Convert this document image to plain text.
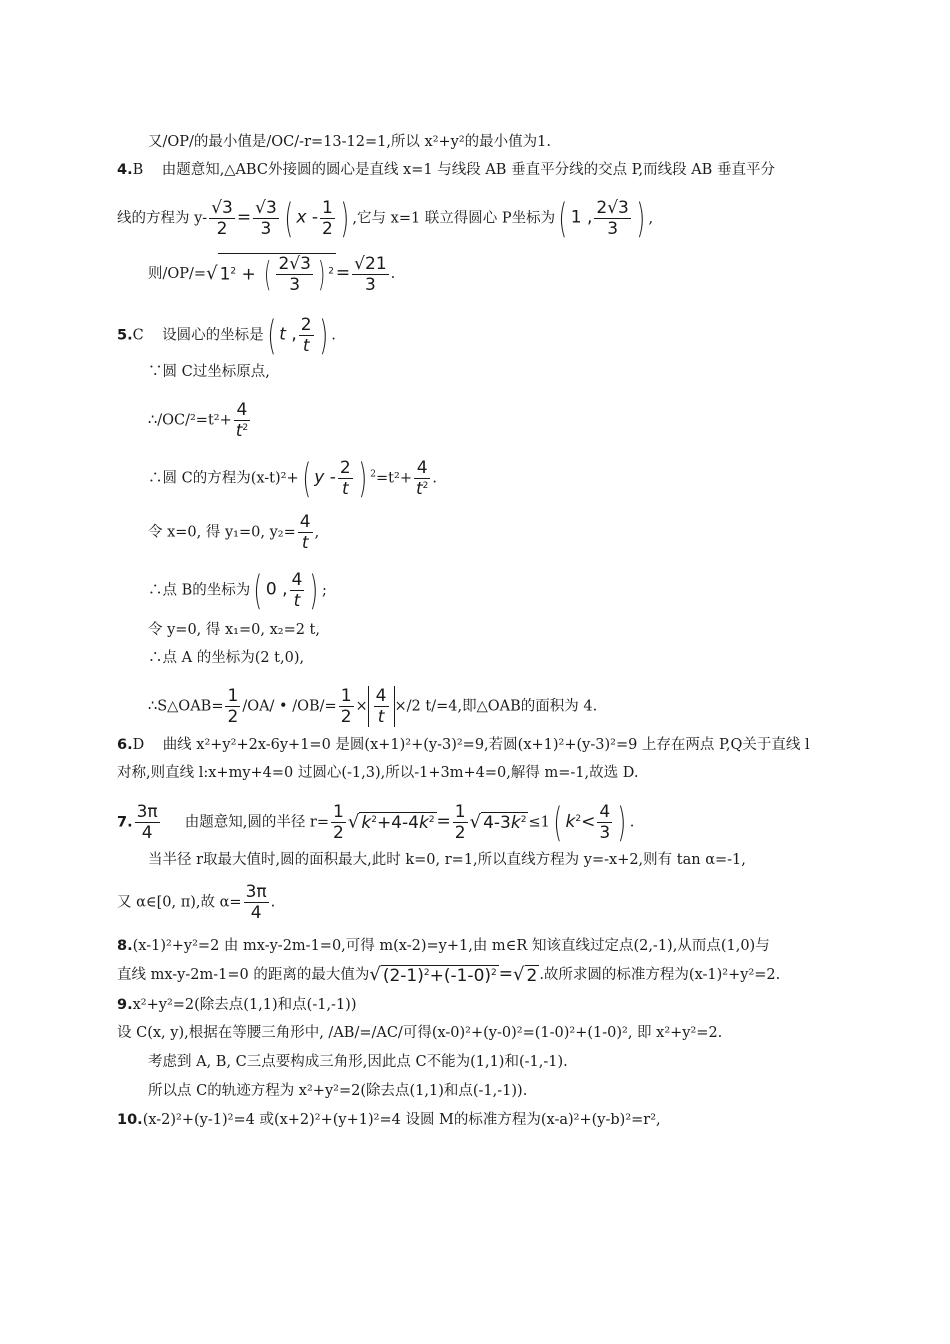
又/OP/的最小值是/OC/-r=13-12=1,所以 x²+y²的最小值为1.
4.B 由题意知,△ABC外接圆的圆心是直线 x=1 与线段 AB 垂直平分线的交点 P,而线段 AB 垂直平分
线的方程为 $y- \frac{√3}{2} = \frac{√3}{3}$ ( x - $\frac{1}{2}$ ) ,它与 x=1 联立得圆心 P坐标为( 1 , $\frac{2√3}{3}$ ) ,
则/OP/=√ $1^2$ + ( $\frac{2√3}{3}$ ) $^2 = \frac{√21}{3}$ .
5.C 设圆心的坐标是( t , $\frac{2}{t}$ ) .
∵圆 C过坐标原点,
∴/OC/²=t²+ $\frac{4}{t^2}$
∴圆 C的方程为(x-t)²+( y - $\frac{2}{t}$ ) $^2=t^2+ \frac{4}{t^2}$ .
令 x=0, 得 y₁=0, $y_2= \frac{4}{t}$ ,
∴点 B的坐标为( 0 , $\frac{4}{t}$ ) ;
令 y=0, 得 x₁=0, x₂=2 t,
∴点 A 的坐标为(2 t,0),
∴S△OAB= $\frac{1}{2} /OA/$ • $/OB/= \frac{1}{2} \times \frac{4}{t} \times/2$ t/=4,即△OAB的面积为 4.
6.D 曲线 x²+y²+2x-6y+1=0 是圆(x+1)²+(y-3)²=9,若圆(x+1)²+(y-3)²=9 上存在两点 P,Q关于直线 l
对称,则直线 l:x+my+4=0 过圆心(-1,3),所以-1+3m+4=0,解得 m=-1,故选 D.
7. $\frac{3\pi}{4}$ 由题意知,圆的半径 $r= \frac{1}{2}$ √ $k^2+4-4k^2 = \frac{1}{2}$ √ $4-3k^2 \le 1$( $k^2< \frac{4}{3}$ ) .
当半径 r取最大值时,圆的面积最大,此时 k=0, r=1,所以直线方程为 y=-x+2,则有 tan α=-1,
又 α∈[0, π),故 $\alpha= \frac{3\pi}{4}$ .
8.(x-1)²+y²=2 由 mx-y-2m-1=0,可得 m(x-2)=y+1,由 m∈R 知该直线过定点(2,-1),从而点(1,0)与
直线 mx-y-2m-1=0 的距离的最大值为√ $(2-1)^2+(-1-0)^2$ =√ 2 .故所求圆的标准方程为(x-1)²+y²=2.
9.x²+y²=2(除去点(1,1)和点(-1,-1))
设 C(x, y),根据在等腰三角形中, /AB/=/AC/可得(x-0)²+(y-0)²=(1-0)²+(1-0)², 即 x²+y²=2.
考虑到 A, B, C三点要构成三角形,因此点 C不能为(1,1)和(-1,-1).
所以点 C的轨迹方程为 x²+y²=2(除去点(1,1)和点(-1,-1)).
10.(x-2)²+(y-1)²=4 或(x+2)²+(y+1)²=4 设圆 M的标准方程为(x-a)²+(y-b)²=r²,
